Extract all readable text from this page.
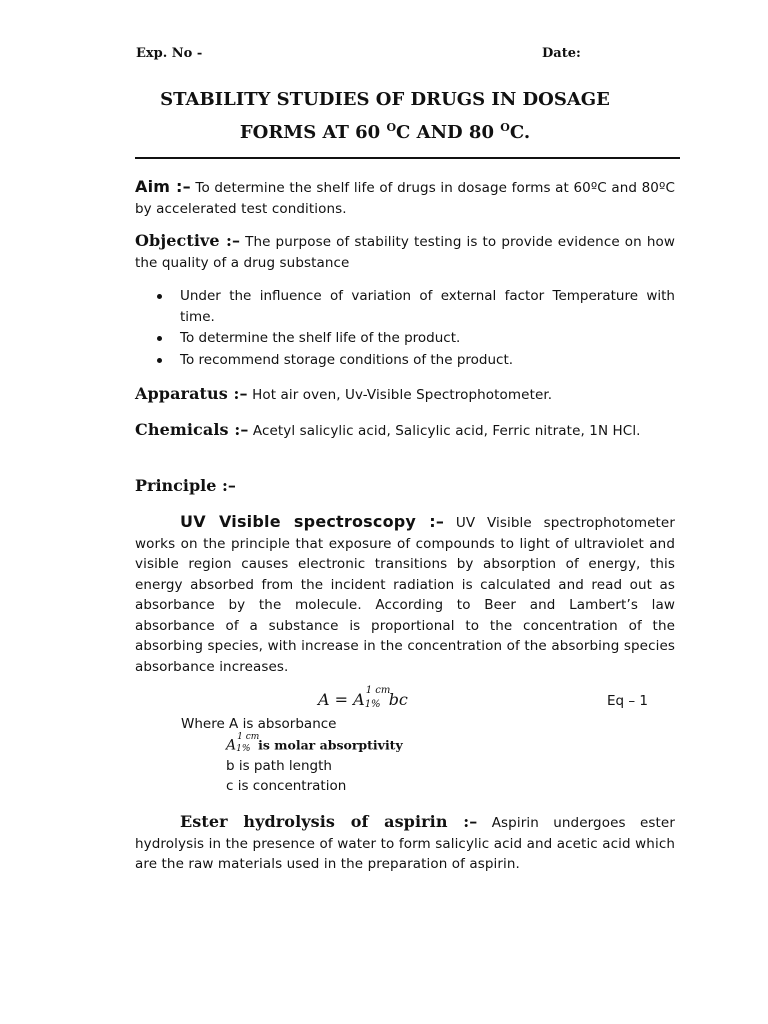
Exp. No -	Date:
STABILITY STUDIES OF DRUGS IN DOSAGE
FORMS AT 60 $^O$C AND 80 $^O$C.
Aim :– To determine the shelf life of drugs in dosage forms at 60ºC and 80ºC by accelerated test conditions.
Objective :– The purpose of stability testing is to provide evidence on how the quality of a drug substance
Under the influence of variation of external factor Temperature with time.
To determine the shelf life of the product.
To recommend storage conditions of the product.
Apparatus :– Hot air oven, Uv-Visible Spectrophotometer.
Chemicals :– Acetyl salicylic acid, Salicylic acid, Ferric nitrate, 1N HCl.
Principle :–
UV Visible spectroscopy :– UV Visible spectrophotometer works on the principle that exposure of compounds to light of ultraviolet and visible region causes electronic transitions by absorption of energy, this energy absorbed from the incident radiation is calculated and read out as absorbance by the molecule. According to Beer and Lambert’s law absorbance of a substance is proportional to the concentration of the absorbing species, with increase in the concentration of the absorbing species absorbance increases.
A = A 1 cm
1% bc	Eq – 1
Where A is absorbance
A
1 cm
1% is molar absorptivity
b is path length
c is concentration
Ester hydrolysis of aspirin :– Aspirin undergoes ester hydrolysis in the presence of water to form salicylic acid and acetic acid which are the raw materials used in the preparation of aspirin.
